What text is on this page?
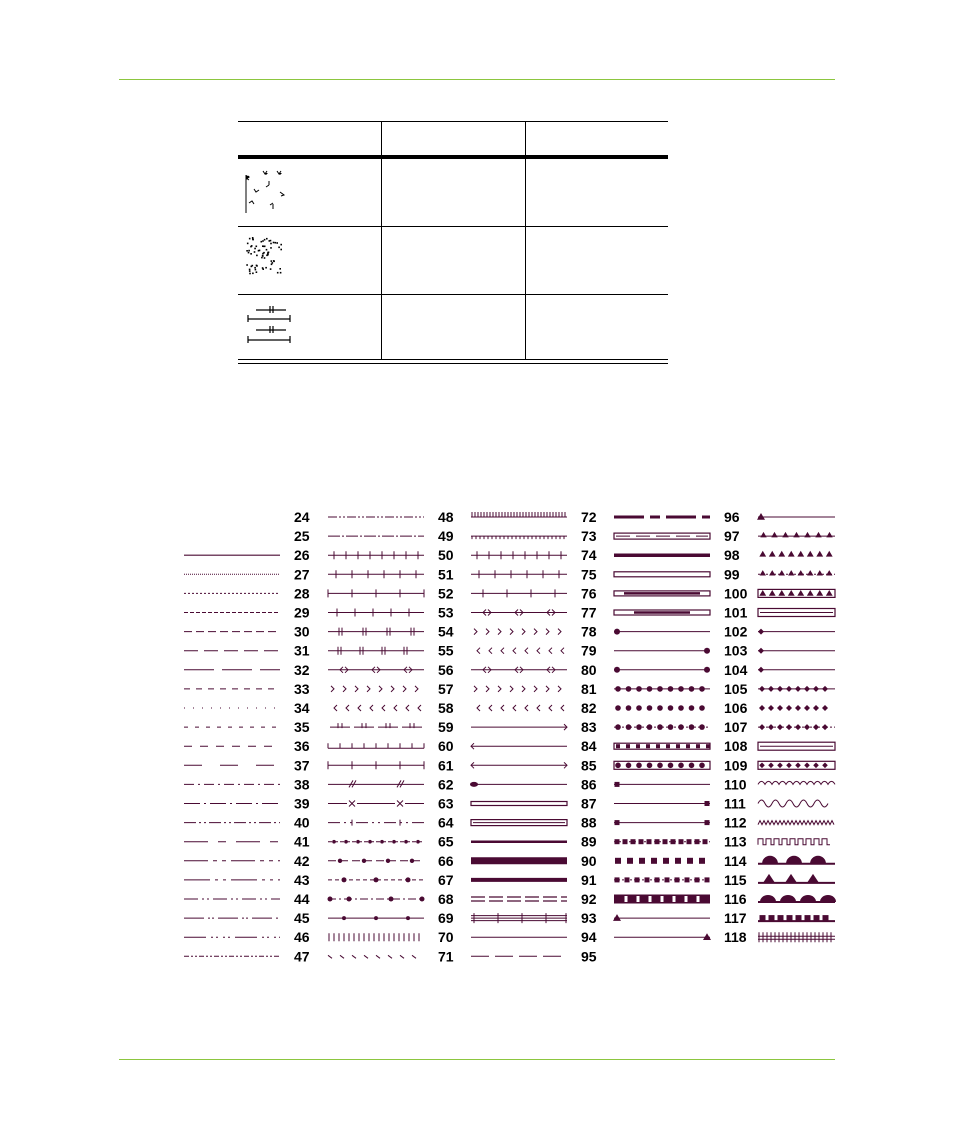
24
25
26
27
28
29
30
31
32
33
34
35
36
37
38
39
40
41
42
43
44
45
46
47
48
49
50
51
52
53
54
55
56
57
58
59
60
61
62
63
64
65
66
67
68
69
70
71
72
73
74
75
76
77
78
79
80
81
82
83
84
85
86
87
88
89
90
91
92
93
94
95
96
97
98
99
100
101
102
103
104
105
106
107
108
109
110
111
112
113
114
115
116
117
118
